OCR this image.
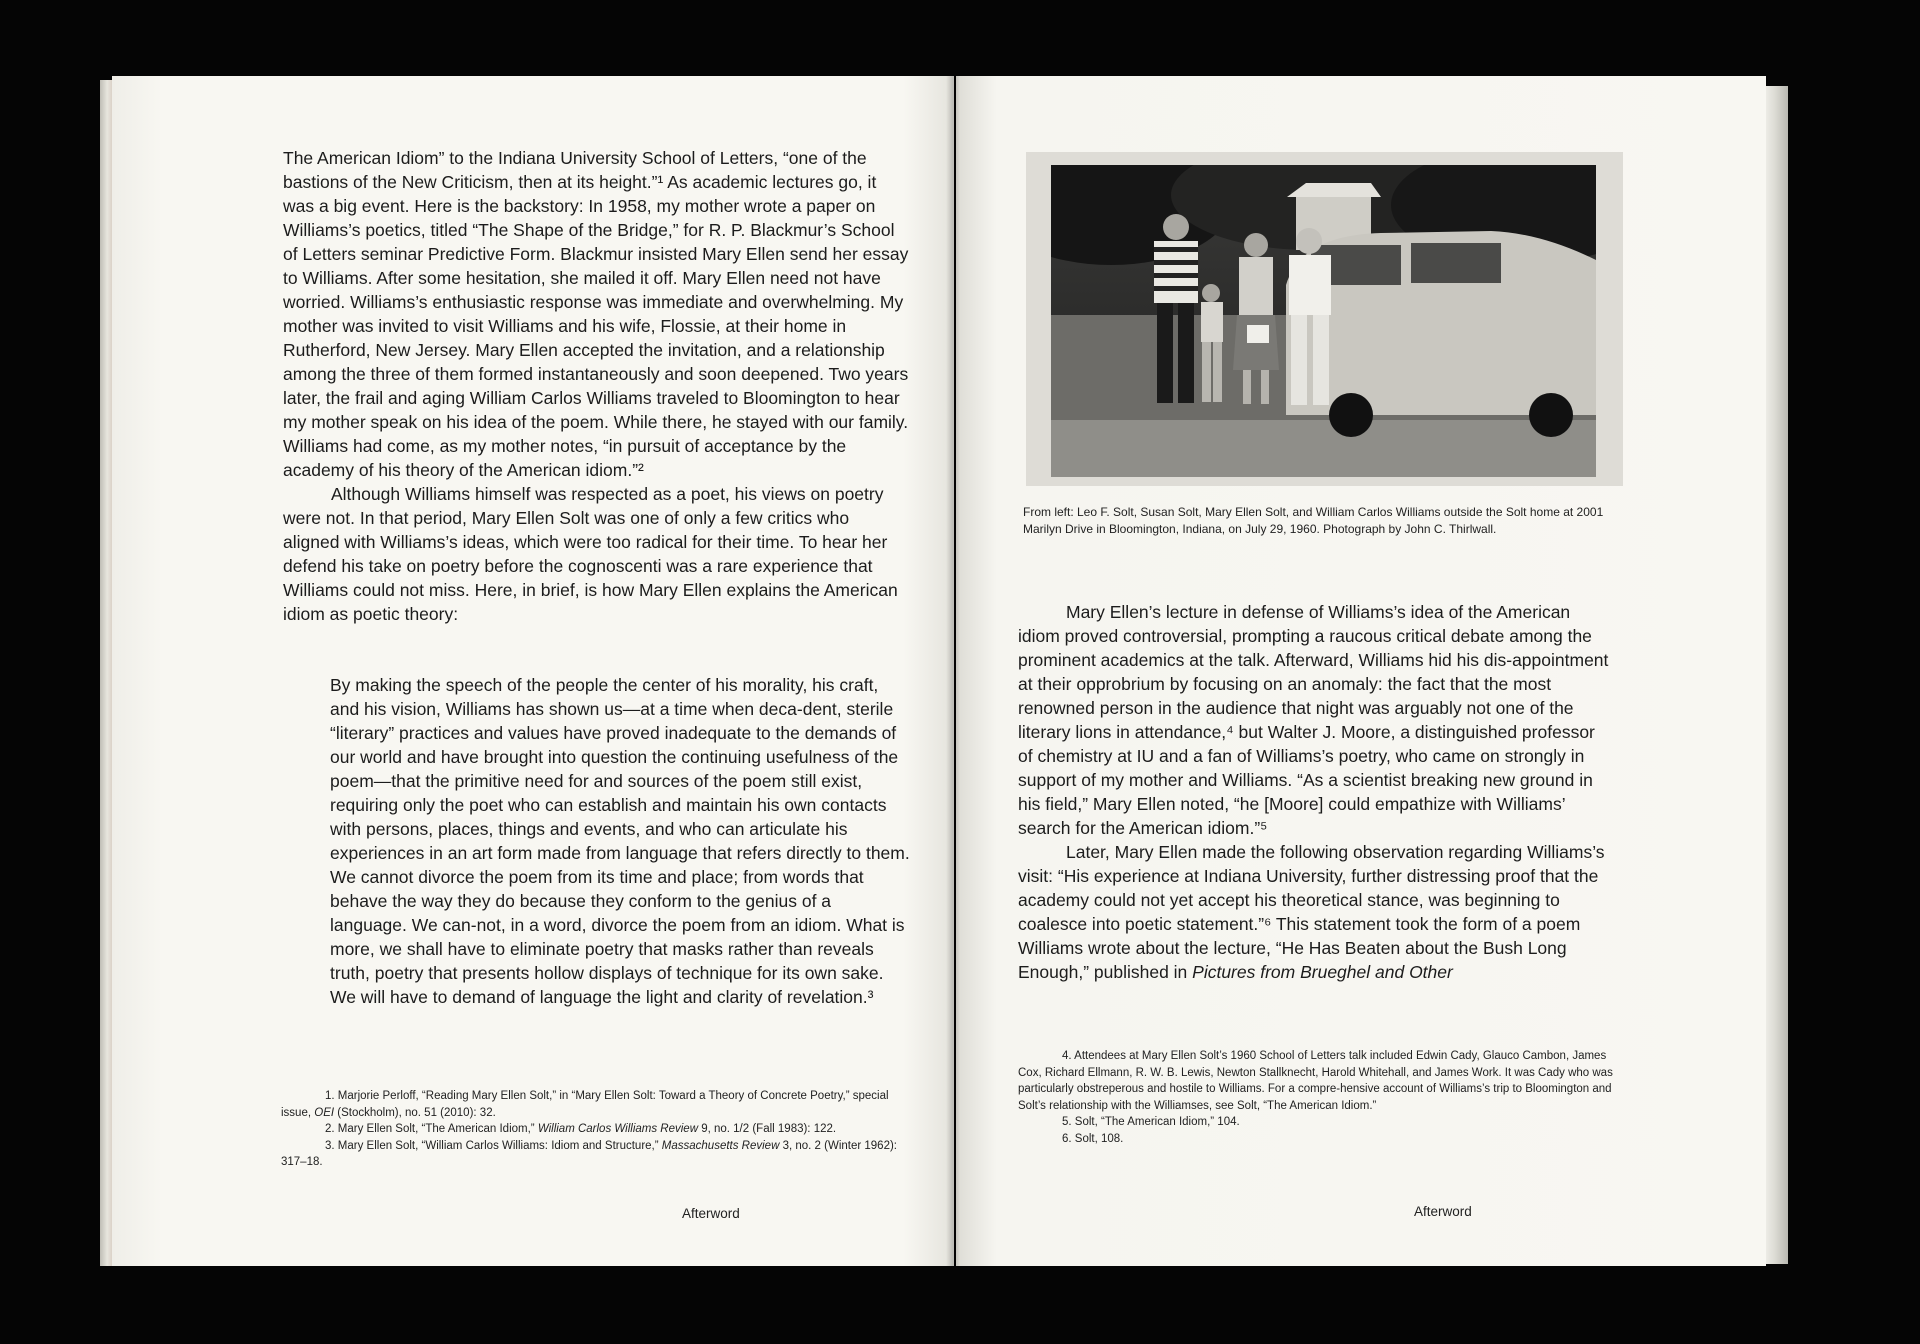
The American Idiom” to the Indiana University School of Letters, “one of the bastions of the New Criticism, then at its height.”¹ As academic lectures go, it was a big event. Here is the backstory: In 1958, my mother wrote a paper on Williams’s poetics, titled “The Shape of the Bridge,” for R. P. Blackmur’s School of Letters seminar Predictive Form. Blackmur insisted Mary Ellen send her essay to Williams. After some hesitation, she mailed it off. Mary Ellen need not have worried. Williams’s enthusiastic response was immediate and overwhelming. My mother was invited to visit Williams and his wife, Flossie, at their home in Rutherford, New Jersey. Mary Ellen accepted the invitation, and a relationship among the three of them formed instantaneously and soon deepened. Two years later, the frail and aging William Carlos Williams traveled to Bloomington to hear my mother speak on his idea of the poem. While there, he stayed with our family. Williams had come, as my mother notes, “in pursuit of acceptance by the academy of his theory of the American idiom.”²

Although Williams himself was respected as a poet, his views on poetry were not. In that period, Mary Ellen Solt was one of only a few critics who aligned with Williams’s ideas, which were too radical for their time. To hear her defend his take on poetry before the cognoscenti was a rare experience that Williams could not miss. Here, in brief, is how Mary Ellen explains the American idiom as poetic theory:

By making the speech of the people the center of his morality, his craft, and his vision, Williams has shown us—at a time when deca-dent, sterile “literary” practices and values have proved inadequate to the demands of our world and have brought into question the continuing usefulness of the poem—that the primitive need for and sources of the poem still exist, requiring only the poet who can establish and maintain his own contacts with persons, places, things and events, and who can articulate his experiences in an art form made from language that refers directly to them. We cannot divorce the poem from its time and place; from words that behave the way they do because they conform to the genius of a language. We can-not, in a word, divorce the poem from an idiom. What is more, we shall have to eliminate poetry that masks rather than reveals truth, poetry that presents hollow displays of technique for its own sake. We will have to demand of language the light and clarity of revelation.³

1. Marjorie Perloff, “Reading Mary Ellen Solt,” in “Mary Ellen Solt: Toward a Theory of Concrete Poetry,” special issue, OEI (Stockholm), no. 51 (2010): 32.

2. Mary Ellen Solt, “The American Idiom,” William Carlos Williams Review 9, no. 1/2 (Fall 1983): 122.

3. Mary Ellen Solt, “William Carlos Williams: Idiom and Structure,” Massachusetts Review 3, no. 2 (Winter 1962): 317–18.

Afterword
From left: Leo F. Solt, Susan Solt, Mary Ellen Solt, and William Carlos Williams outside the Solt home at 2001 Marilyn Drive in Bloomington, Indiana, on July 29, 1960. Photograph by John C. Thirlwall.

Mary Ellen’s lecture in defense of Williams’s idea of the American idiom proved controversial, prompting a raucous critical debate among the prominent academics at the talk. Afterward, Williams hid his dis-appointment at their opprobrium by focusing on an anomaly: the fact that the most renowned person in the audience that night was arguably not one of the literary lions in attendance,⁴ but Walter J. Moore, a distinguished professor of chemistry at IU and a fan of Williams’s poetry, who came on strongly in support of my mother and Williams. “As a scientist breaking new ground in his field,” Mary Ellen noted, “he [Moore] could empathize with Williams’ search for the American idiom.”⁵

Later, Mary Ellen made the following observation regarding Williams’s visit: “His experience at Indiana University, further distressing proof that the academy could not yet accept his theoretical stance, was beginning to coalesce into poetic statement.”⁶ This statement took the form of a poem Williams wrote about the lecture, “He Has Beaten about the Bush Long Enough,” published in Pictures from Brueghel and Other

4. Attendees at Mary Ellen Solt’s 1960 School of Letters talk included Edwin Cady, Glauco Cambon, James Cox, Richard Ellmann, R. W. B. Lewis, Newton Stallknecht, Harold Whitehall, and James Work. It was Cady who was particularly obstreperous and hostile to Williams. For a compre-hensive account of Williams’s trip to Bloomington and Solt’s relationship with the Williamses, see Solt, “The American Idiom.”

5. Solt, “The American Idiom,” 104.

6. Solt, 108.

Afterword
